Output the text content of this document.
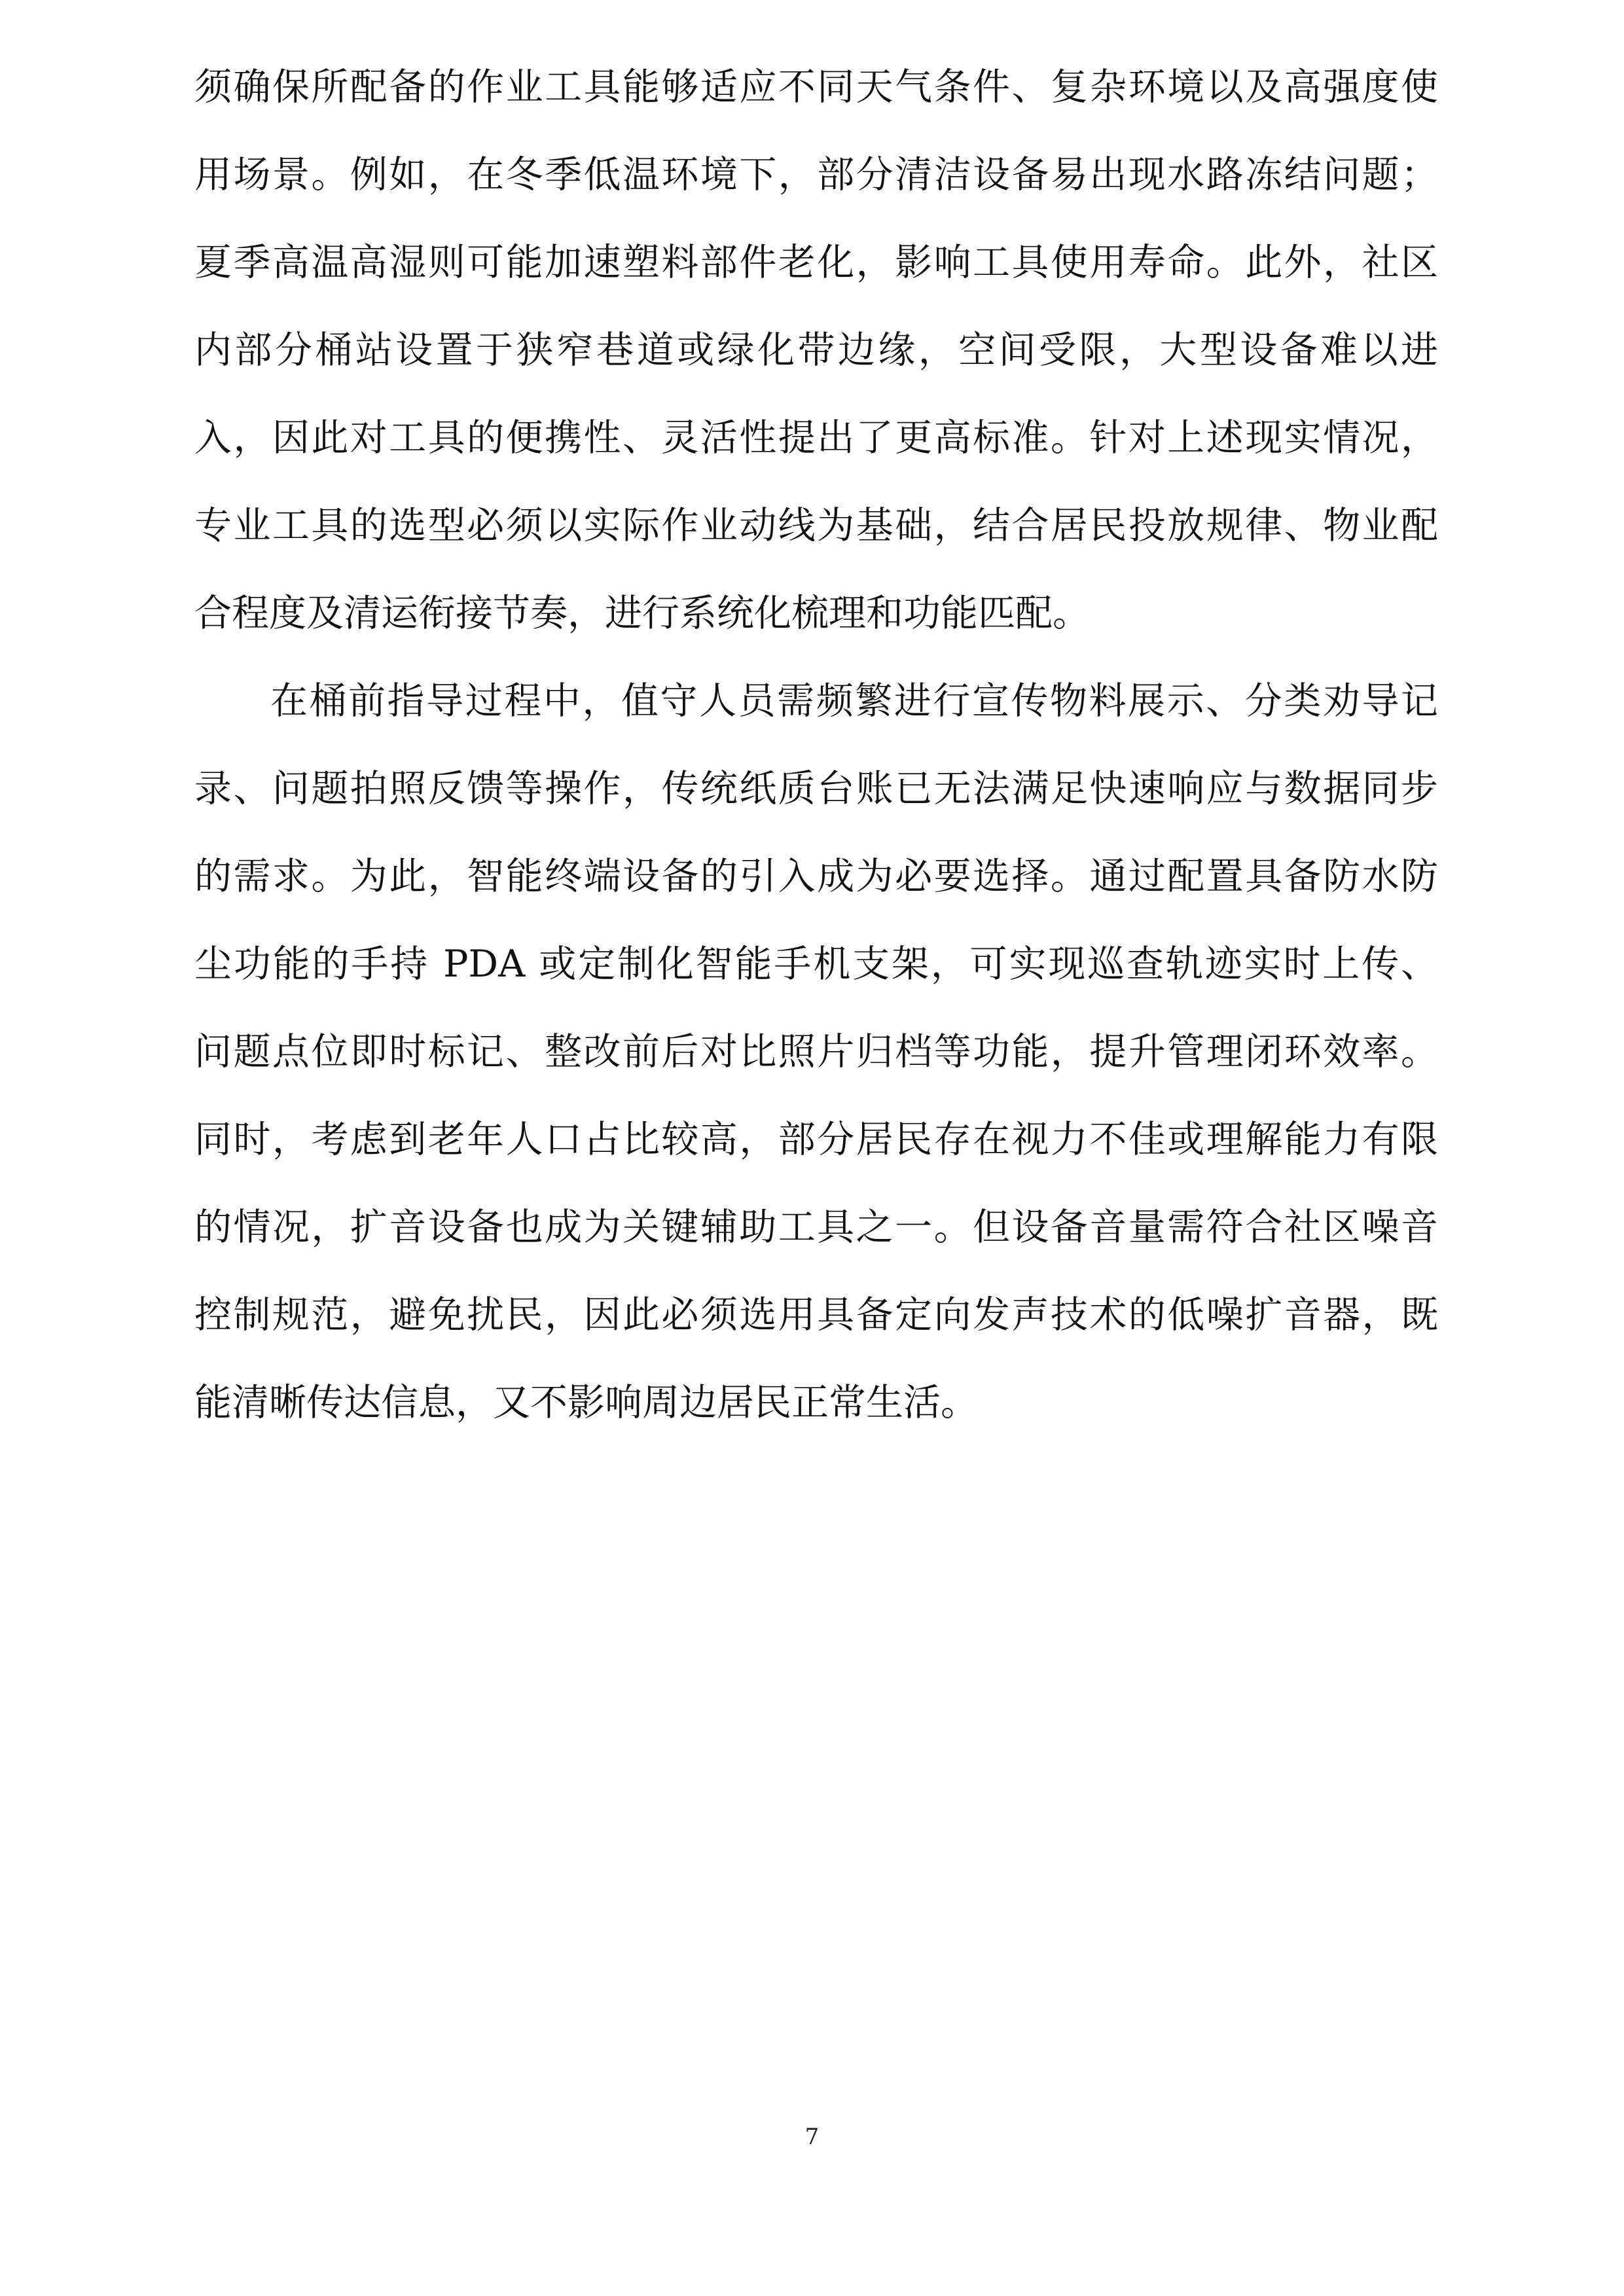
须确保所配备的作业工具能够适应不同天气条件、复杂环境以及高强度使
用场景。例如，在冬季低温环境下，部分清洁设备易出现水路冻结问题；
夏季高温高湿则可能加速塑料部件老化，影响工具使用寿命。此外，社区
内部分桶站设置于狭窄巷道或绿化带边缘，空间受限，大型设备难以进
入，因此对工具的便携性、灵活性提出了更高标准。针对上述现实情况，
专业工具的选型必须以实际作业动线为基础，结合居民投放规律、物业配
合程度及清运衔接节奏，进行系统化梳理和功能匹配。
在桶前指导过程中，值守人员需频繁进行宣传物料展示、分类劝导记
录、问题拍照反馈等操作，传统纸质台账已无法满足快速响应与数据同步
的需求。为此，智能终端设备的引入成为必要选择。通过配置具备防水防
尘功能的手持 PDA 或定制化智能手机支架，可实现巡查轨迹实时上传、
问题点位即时标记、整改前后对比照片归档等功能，提升管理闭环效率。
同时，考虑到老年人口占比较高，部分居民存在视力不佳或理解能力有限
的情况，扩音设备也成为关键辅助工具之一。但设备音量需符合社区噪音
控制规范，避免扰民，因此必须选用具备定向发声技术的低噪扩音器，既
能清晰传达信息，又不影响周边居民正常生活。
7
